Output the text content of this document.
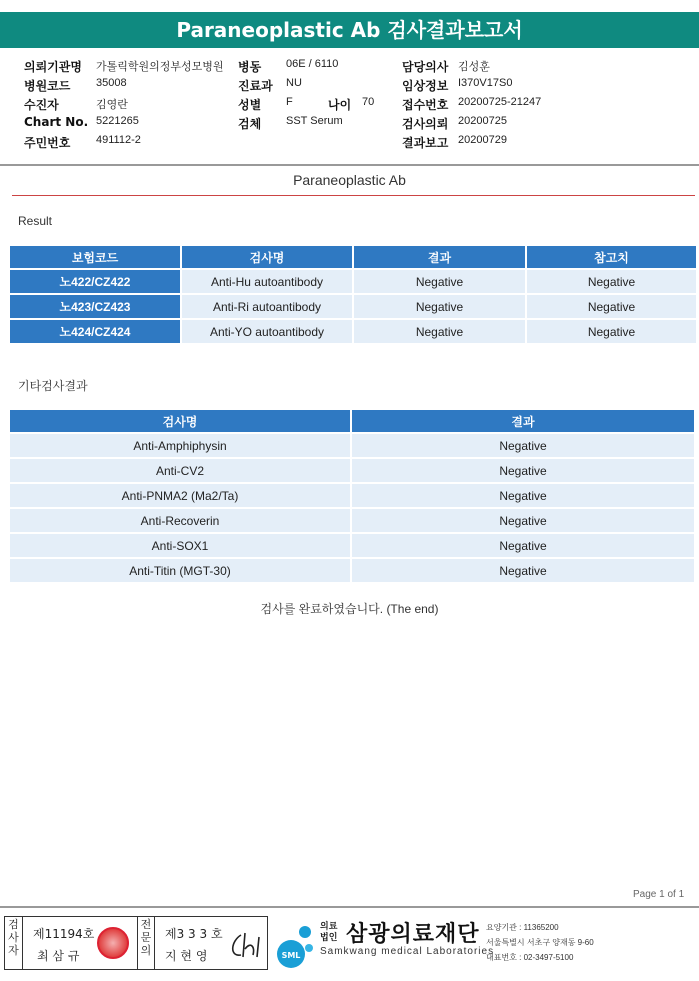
Paraneoplastic Ab 검사결과보고서
의뢰기관명 가톨릭학원의정부성모병원 병동 06E / 6110	담당의사 김성훈
병원코드 35008	진료과 NU	임상정보 I370V17S0
수진자	김영란	성별 F	나이 70 접수번호 20200725-21247
Chart No. 5221265	검체 SST Serum	검사의뢰 20200725
주민번호 491112-2	결과보고 20200729
Paraneoplastic Ab
Result
보험코드	검사명	결과	참고치
노422/CZ422	Anti-Hu autoantibody	Negative	Negative
노423/CZ423	Anti-Ri autoantibody	Negative	Negative
노424/CZ424	Anti-YO autoantibody	Negative	Negative
기타검사결과
검사명	결과
Anti-Amphiphysin	Negative
Anti-CV2	Negative
Anti-PNMA2 (Ma2/Ta)	Negative
Anti-Recoverin	Negative
Anti-SOX1	Negative
Anti-Titin (MGT-30)	Negative
검사를 완료하였습니다. (The end)
Page 1 of 1
검
사
자
제11194호
최 삼 규
전
문
의
제3 3 3 호
지 현 영	SML
의료
법인 삼광의료재단
Samkwang medical Laboratories
요양기관 : 11365200
서울특별시 서초구 양재동 9-60
대표번호 : 02-3497-5100
